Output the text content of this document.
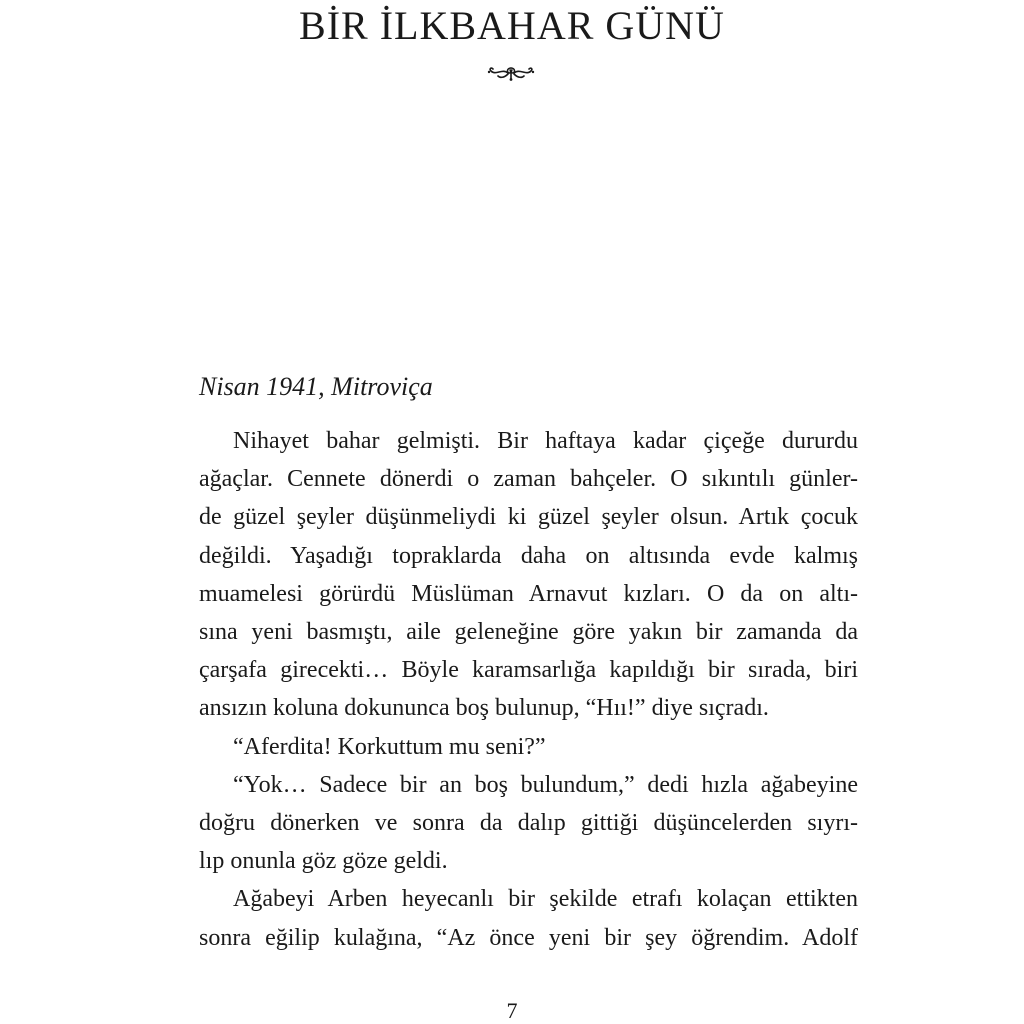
BİR İLKBAHAR GÜNÜ

Nisan 1941, Mitroviça

Nihayet bahar gelmişti. Bir haftaya kadar çiçeğe dururdu
ağaçlar. Cennete dönerdi o zaman bahçeler. O sıkıntılı günler-
de güzel şeyler düşünmeliydi ki güzel şeyler olsun. Artık çocuk
değildi. Yaşadığı topraklarda daha on altısında evde kalmış
muamelesi görürdü Müslüman Arnavut kızları. O da on altı-
sına yeni basmıştı, aile geleneğine göre yakın bir zamanda da
çarşafa girecekti… Böyle karamsarlığa kapıldığı bir sırada, biri
ansızın koluna dokununca boş bulunup, “Hıı!” diye sıçradı.
“Aferdita! Korkuttum mu seni?”
“Yok… Sadece bir an boş bulundum,” dedi hızla ağabeyine
doğru dönerken ve sonra da dalıp gittiği düşüncelerden sıyrı-
lıp onunla göz göze geldi.
Ağabeyi Arben heyecanlı bir şekilde etrafı kolaçan ettikten
sonra eğilip kulağına, “Az önce yeni bir şey öğrendim. Adolf
7
